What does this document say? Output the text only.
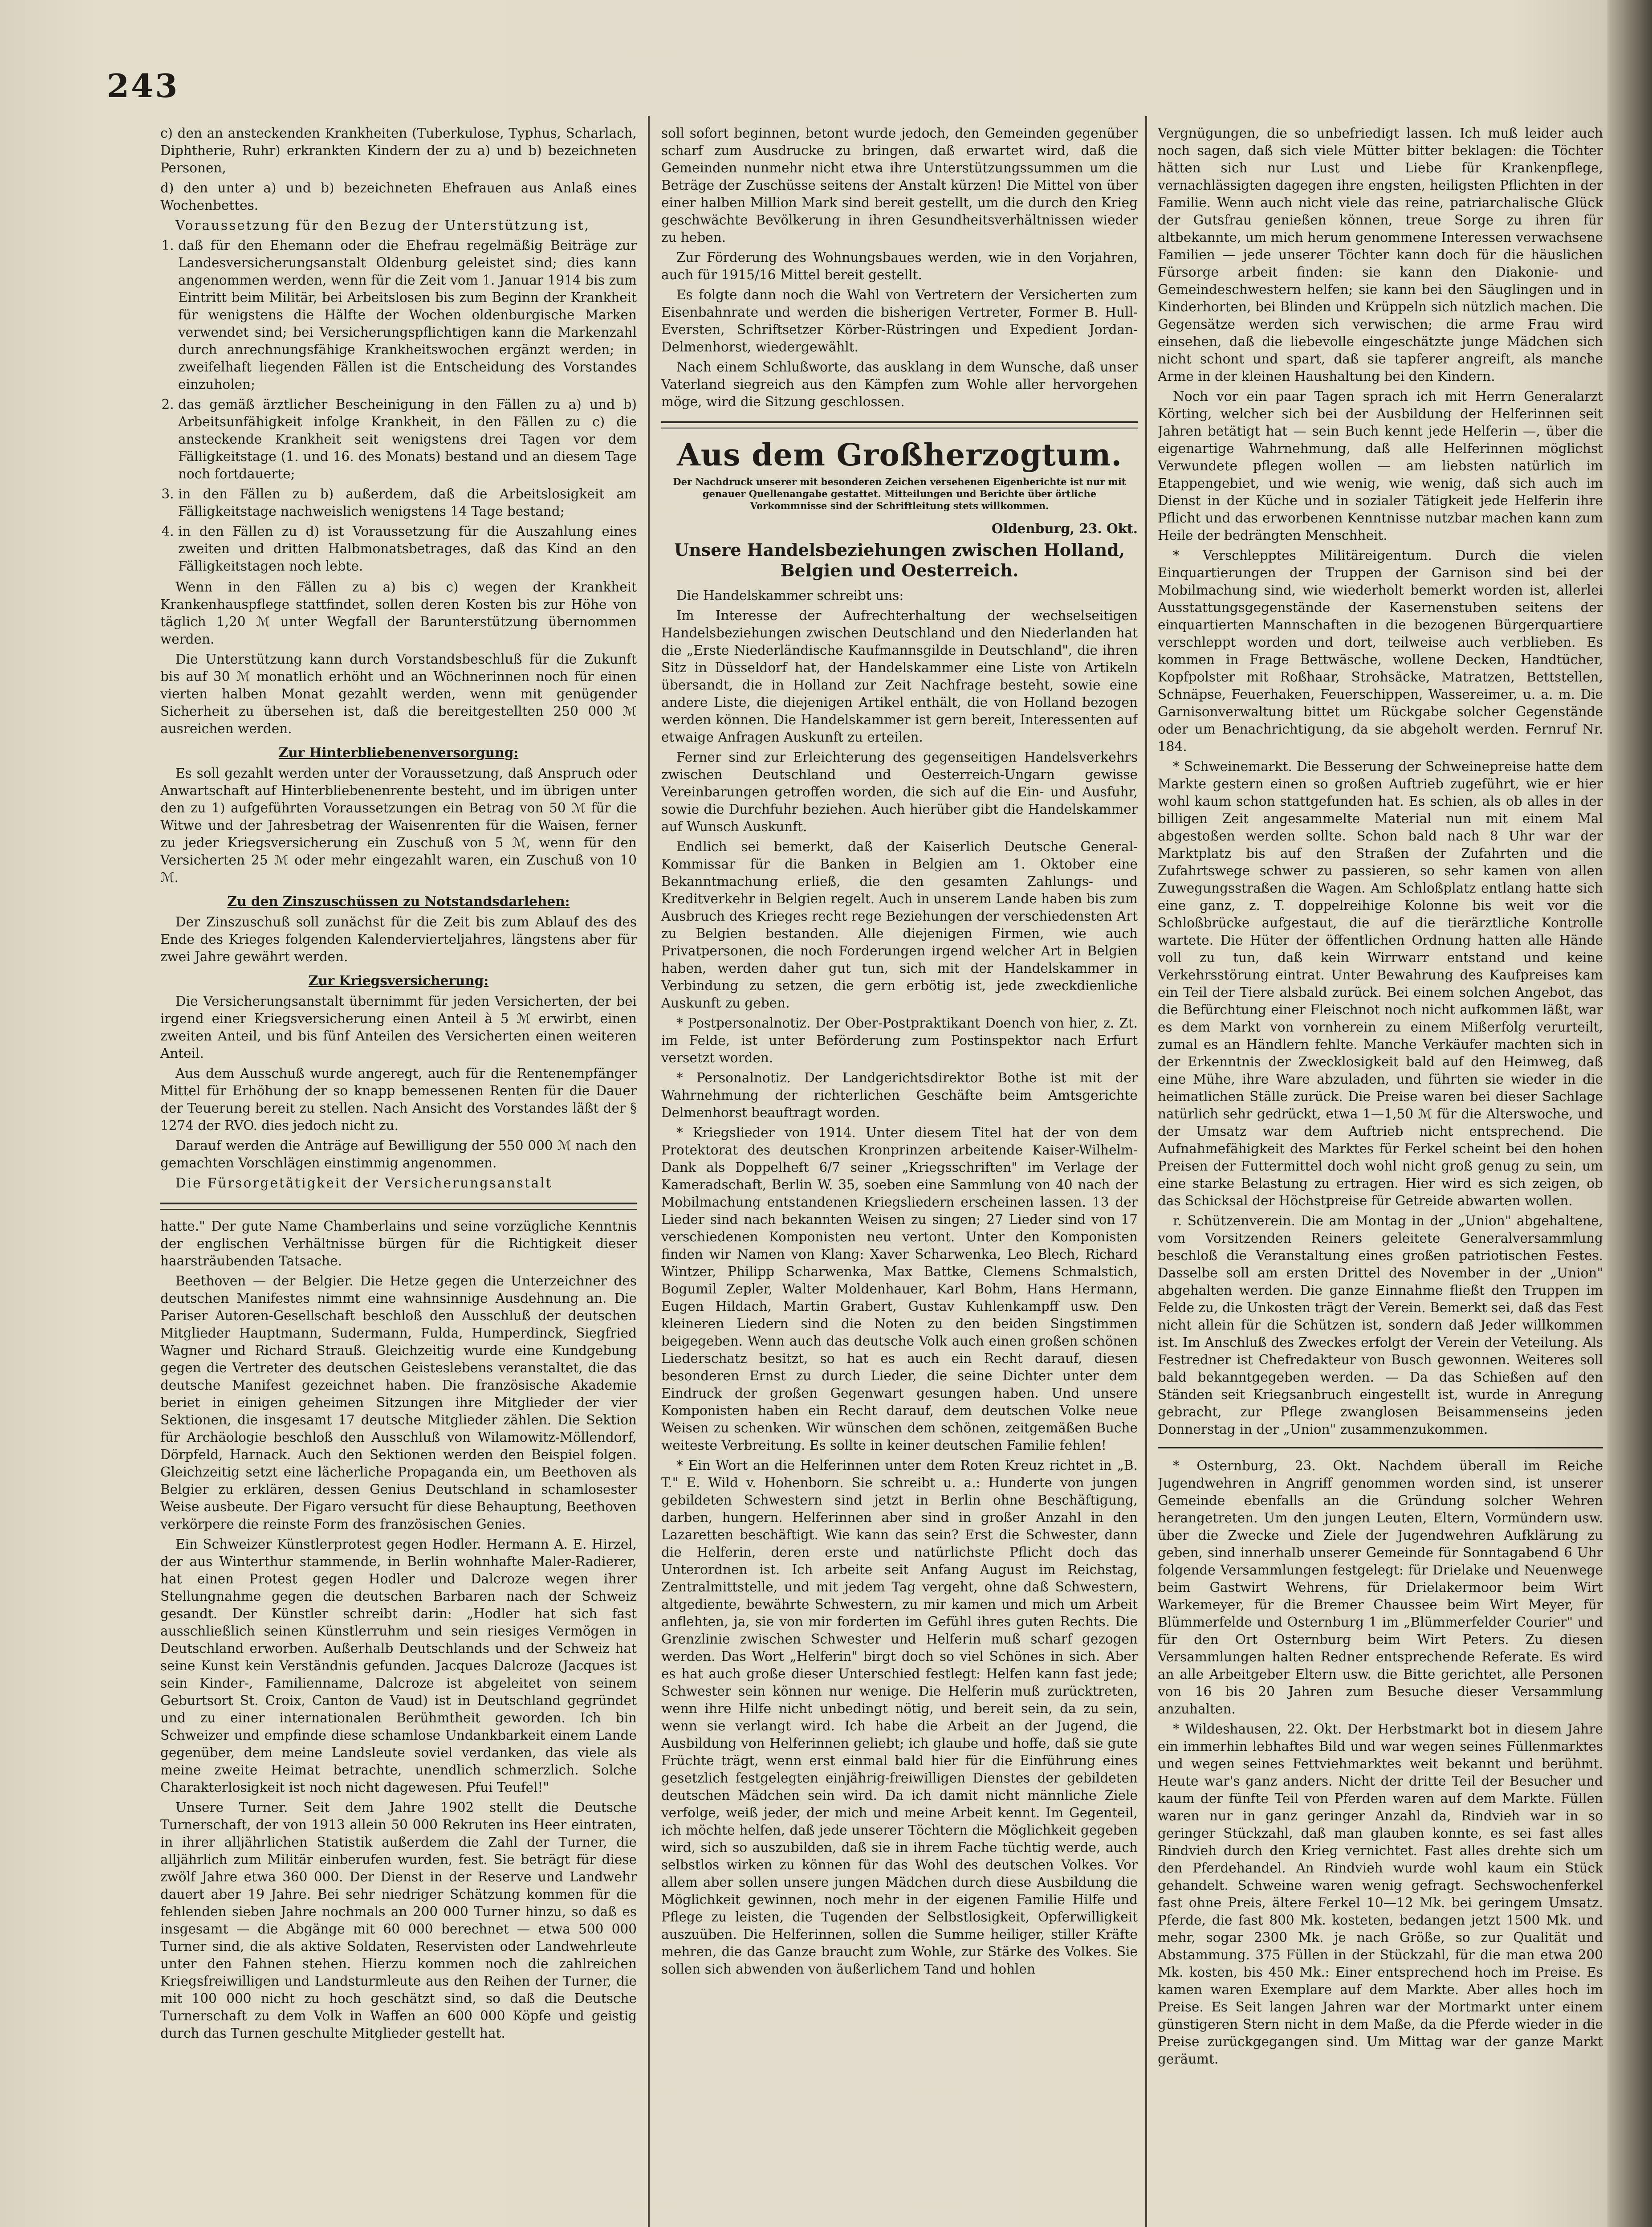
243
c) den an ansteckenden Krankheiten (Tuberkulose, Typhus, Scharlach, Diphtherie, Ruhr) erkrankten Kindern der zu a) und b) bezeichneten Personen,
d) den unter a) und b) bezeichneten Ehefrauen aus Anlaß eines Wochenbettes.

Voraussetzung für den Bezug der Unterstützung ist,

1. daß für den Ehemann oder die Ehefrau regelmäßig Beiträge zur Landesversicherungsanstalt Oldenburg geleistet sind; dies kann angenommen werden, wenn für die Zeit vom 1. Januar 1914 bis zum Eintritt beim Militär, bei Arbeitslosen bis zum Beginn der Krankheit für wenigstens die Hälfte der Wochen oldenburgische Marken verwendet sind; bei Versicherungspflichtigen kann die Markenzahl durch anrechnungsfähige Krankheitswochen ergänzt werden; in zweifelhaft liegenden Fällen ist die Entscheidung des Vorstandes einzuholen;
2. das gemäß ärztlicher Bescheinigung in den Fällen zu a) und b) Arbeitsunfähigkeit infolge Krankheit, in den Fällen zu c) die ansteckende Krankheit seit wenigstens drei Tagen vor dem Fälligkeitstage (1. und 16. des Monats) bestand und an diesem Tage noch fortdauerte;
3. in den Fällen zu b) außerdem, daß die Arbeitslosigkeit am Fälligkeitstage nachweislich wenigstens 14 Tage bestand;
4. in den Fällen zu d) ist Voraussetzung für die Auszahlung eines zweiten und dritten Halbmonatsbetrages, daß das Kind an den Fälligkeitstagen noch lebte.

Wenn in den Fällen zu a) bis c) wegen der Krankheit Krankenhauspflege stattfindet, sollen deren Kosten bis zur Höhe von täglich 1,20 ℳ unter Wegfall der Barunterstützung übernommen werden.

Die Unterstützung kann durch Vorstandsbeschluß für die Zukunft bis auf 30 ℳ monatlich erhöht und an Wöchnerinnen noch für einen vierten halben Monat gezahlt werden, wenn mit genügender Sicherheit zu übersehen ist, daß die bereitgestellten 250 000 ℳ ausreichen werden.

Zur Hinterbliebenenversorgung:

Es soll gezahlt werden unter der Voraussetzung, daß Anspruch oder Anwartschaft auf Hinterbliebenenrente besteht, und im übrigen unter den zu 1) aufgeführten Voraussetzungen ein Betrag von 50 ℳ für die Witwe und der Jahresbetrag der Waisenrenten für die Waisen, ferner zu jeder Kriegsversicherung ein Zuschuß von 5 ℳ, wenn für den Versicherten 25 ℳ oder mehr eingezahlt waren, ein Zuschuß von 10 ℳ.

Zu den Zinszuschüssen zu Notstandsdarlehen:

Der Zinszuschuß soll zunächst für die Zeit bis zum Ablauf des des Ende des Krieges folgenden Kalendervierteljahres, längstens aber für zwei Jahre gewährt werden.

Zur Kriegsversicherung:

Die Versicherungsanstalt übernimmt für jeden Versicherten, der bei irgend einer Kriegsversicherung einen Anteil à 5 ℳ erwirbt, einen zweiten Anteil, und bis fünf Anteilen des Versicherten einen weiteren Anteil.

Aus dem Ausschuß wurde angeregt, auch für die Rentenempfänger Mittel für Erhöhung der so knapp bemessenen Renten für die Dauer der Teuerung bereit zu stellen. Nach Ansicht des Vorstandes läßt der § 1274 der RVO. dies jedoch nicht zu.

Darauf werden die Anträge auf Bewilligung der 550 000 ℳ nach den gemachten Vorschlägen einstimmig angenommen.

Die Fürsorgetätigkeit der Versicherungsanstalt

hatte." Der gute Name Chamberlains und seine vorzügliche Kenntnis der englischen Verhältnisse bürgen für die Richtigkeit dieser haarsträubenden Tatsache.

Beethoven — der Belgier. Die Hetze gegen die Unterzeichner des deutschen Manifestes nimmt eine wahnsinnige Ausdehnung an. Die Pariser Autoren-Gesellschaft beschloß den Ausschluß der deutschen Mitglieder Hauptmann, Sudermann, Fulda, Humperdinck, Siegfried Wagner und Richard Strauß. Gleichzeitig wurde eine Kundgebung gegen die Vertreter des deutschen Geisteslebens veranstaltet, die das deutsche Manifest gezeichnet haben. Die französische Akademie beriet in einigen geheimen Sitzungen ihre Mitglieder der vier Sektionen, die insgesamt 17 deutsche Mitglieder zählen. Die Sektion für Archäologie beschloß den Ausschluß von Wilamowitz-Möllendorf, Dörpfeld, Harnack. Auch den Sektionen werden den Beispiel folgen. Gleichzeitig setzt eine lächerliche Propaganda ein, um Beethoven als Belgier zu erklären, dessen Genius Deutschland in schamlosester Weise ausbeute. Der Figaro versucht für diese Behauptung, Beethoven verkörpere die reinste Form des französischen Genies.

Ein Schweizer Künstlerprotest gegen Hodler. Hermann A. E. Hirzel, der aus Winterthur stammende, in Berlin wohnhafte Maler-Radierer, hat einen Protest gegen Hodler und Dalcroze wegen ihrer Stellungnahme gegen die deutschen Barbaren nach der Schweiz gesandt. Der Künstler schreibt darin: „Hodler hat sich fast ausschließlich seinen Künstlerruhm und sein riesiges Vermögen in Deutschland erworben. Außerhalb Deutschlands und der Schweiz hat seine Kunst kein Verständnis gefunden. Jacques Dalcroze (Jacques ist sein Kinder-, Familienname, Dalcroze ist abgeleitet von seinem Geburtsort St. Croix, Canton de Vaud) ist in Deutschland gegründet und zu einer internationalen Berühmtheit geworden. Ich bin Schweizer und empfinde diese schamlose Undankbarkeit einem Lande gegenüber, dem meine Landsleute soviel verdanken, das viele als meine zweite Heimat betrachte, unendlich schmerzlich. Solche Charakterlosigkeit ist noch nicht dagewesen. Pfui Teufel!"

Unsere Turner. Seit dem Jahre 1902 stellt die Deutsche Turnerschaft, der von 1913 allein 50 000 Rekruten ins Heer eintraten, in ihrer alljährlichen Statistik außerdem die Zahl der Turner, die alljährlich zum Militär einberufen wurden, fest. Sie beträgt für diese zwölf Jahre etwa 360 000. Der Dienst in der Reserve und Landwehr dauert aber 19 Jahre. Bei sehr niedriger Schätzung kommen für die fehlenden sieben Jahre nochmals an 200 000 Turner hinzu, so daß es insgesamt — die Abgänge mit 60 000 berechnet — etwa 500 000 Turner sind, die als aktive Soldaten, Reservisten oder Landwehrleute unter den Fahnen stehen. Hierzu kommen noch die zahlreichen Kriegsfreiwilligen und Landsturmleute aus den Reihen der Turner, die mit 100 000 nicht zu hoch geschätzt sind, so daß die Deutsche Turnerschaft zu dem Volk in Waffen an 600 000 Köpfe und geistig durch das Turnen geschulte Mitglieder gestellt hat.

soll sofort beginnen, betont wurde jedoch, den Gemeinden gegenüber scharf zum Ausdrucke zu bringen, daß erwartet wird, daß die Gemeinden nunmehr nicht etwa ihre Unterstützungssummen um die Beträge der Zuschüsse seitens der Anstalt kürzen! Die Mittel von über einer halben Million Mark sind bereit gestellt, um die durch den Krieg geschwächte Bevölkerung in ihren Gesundheitsverhältnissen wieder zu heben.

Zur Förderung des Wohnungsbaues werden, wie in den Vorjahren, auch für 1915/16 Mittel bereit gestellt.

Es folgte dann noch die Wahl von Vertretern der Versicherten zum Eisenbahnrate und werden die bisherigen Vertreter, Former B. Hull-Eversten, Schriftsetzer Körber-Rüstringen und Expedient Jordan-Delmenhorst, wiedergewählt.

Nach einem Schlußworte, das ausklang in dem Wunsche, daß unser Vaterland siegreich aus den Kämpfen zum Wohle aller hervorgehen möge, wird die Sitzung geschlossen.

Aus dem Großherzogtum.
Der Nachdruck unserer mit besonderen Zeichen versehenen Eigenberichte ist nur mit genauer Quellenangabe gestattet. Mitteilungen und Berichte über örtliche Vorkommnisse sind der Schriftleitung stets willkommen.
Oldenburg, 23. Okt.
Unsere Handelsbeziehungen zwischen Holland, Belgien und Oesterreich.

Die Handelskammer schreibt uns:

Im Interesse der Aufrechterhaltung der wechselseitigen Handelsbeziehungen zwischen Deutschland und den Niederlanden hat die „Erste Niederländische Kaufmannsgilde in Deutschland", die ihren Sitz in Düsseldorf hat, der Handelskammer eine Liste von Artikeln übersandt, die in Holland zur Zeit Nachfrage besteht, sowie eine andere Liste, die diejenigen Artikel enthält, die von Holland bezogen werden können. Die Handelskammer ist gern bereit, Interessenten auf etwaige Anfragen Auskunft zu erteilen.

Ferner sind zur Erleichterung des gegenseitigen Handelsverkehrs zwischen Deutschland und Oesterreich-Ungarn gewisse Vereinbarungen getroffen worden, die sich auf die Ein- und Ausfuhr, sowie die Durchfuhr beziehen. Auch hierüber gibt die Handelskammer auf Wunsch Auskunft.

Endlich sei bemerkt, daß der Kaiserlich Deutsche General-Kommissar für die Banken in Belgien am 1. Oktober eine Bekanntmachung erließ, die den gesamten Zahlungs- und Kreditverkehr in Belgien regelt. Auch in unserem Lande haben bis zum Ausbruch des Krieges recht rege Beziehungen der verschiedensten Art zu Belgien bestanden. Alle diejenigen Firmen, wie auch Privatpersonen, die noch Forderungen irgend welcher Art in Belgien haben, werden daher gut tun, sich mit der Handelskammer in Verbindung zu setzen, die gern erbötig ist, jede zweckdienliche Auskunft zu geben.

* Postpersonalnotiz. Der Ober-Postpraktikant Doench von hier, z. Zt. im Felde, ist unter Beförderung zum Postinspektor nach Erfurt versetzt worden.

* Personalnotiz. Der Landgerichtsdirektor Bothe ist mit der Wahrnehmung der richterlichen Geschäfte beim Amtsgerichte Delmenhorst beauftragt worden.

* Kriegslieder von 1914. Unter diesem Titel hat der von dem Protektorat des deutschen Kronprinzen arbeitende Kaiser-Wilhelm-Dank als Doppelheft 6/7 seiner „Kriegsschriften" im Verlage der Kameradschaft, Berlin W. 35, soeben eine Sammlung von 40 nach der Mobilmachung entstandenen Kriegsliedern erscheinen lassen. 13 der Lieder sind nach bekannten Weisen zu singen; 27 Lieder sind von 17 verschiedenen Komponisten neu vertont. Unter den Komponisten finden wir Namen von Klang: Xaver Scharwenka, Leo Blech, Richard Wintzer, Philipp Scharwenka, Max Battke, Clemens Schmalstich, Bogumil Zepler, Walter Moldenhauer, Karl Bohm, Hans Hermann, Eugen Hildach, Martin Grabert, Gustav Kuhlenkampff usw. Den kleineren Liedern sind die Noten zu den beiden Singstimmen beigegeben. Wenn auch das deutsche Volk auch einen großen schönen Liederschatz besitzt, so hat es auch ein Recht darauf, diesen besonderen Ernst zu durch Lieder, die seine Dichter unter dem Eindruck der großen Gegenwart gesungen haben. Und unsere Komponisten haben ein Recht darauf, dem deutschen Volke neue Weisen zu schenken. Wir wünschen dem schönen, zeitgemäßen Buche weiteste Verbreitung. Es sollte in keiner deutschen Familie fehlen!

* Ein Wort an die Helferinnen unter dem Roten Kreuz richtet in „B. T." E. Wild v. Hohenborn. Sie schreibt u. a.: Hunderte von jungen gebildeten Schwestern sind jetzt in Berlin ohne Beschäftigung, darben, hungern. Helferinnen aber sind in großer Anzahl in den Lazaretten beschäftigt. Wie kann das sein? Erst die Schwester, dann die Helferin, deren erste und natürlichste Pflicht doch das Unterordnen ist. Ich arbeite seit Anfang August im Reichstag, Zentralmittstelle, und mit jedem Tag vergeht, ohne daß Schwestern, altgediente, bewährte Schwestern, zu mir kamen und mich um Arbeit anflehten, ja, sie von mir forderten im Gefühl ihres guten Rechts. Die Grenzlinie zwischen Schwester und Helferin muß scharf gezogen werden. Das Wort „Helferin" birgt doch so viel Schönes in sich. Aber es hat auch große dieser Unterschied festlegt: Helfen kann fast jede; Schwester sein können nur wenige. Die Helferin muß zurücktreten, wenn ihre Hilfe nicht unbedingt nötig, und bereit sein, da zu sein, wenn sie verlangt wird. Ich habe die Arbeit an der Jugend, die Ausbildung von Helferinnen geliebt; ich glaube und hoffe, daß sie gute Früchte trägt, wenn erst einmal bald hier für die Einführung eines gesetzlich festgelegten einjährig-freiwilligen Dienstes der gebildeten deutschen Mädchen sein wird. Da ich damit nicht männliche Ziele verfolge, weiß jeder, der mich und meine Arbeit kennt. Im Gegenteil, ich möchte helfen, daß jede unserer Töchtern die Möglichkeit gegeben wird, sich so auszubilden, daß sie in ihrem Fache tüchtig werde, auch selbstlos wirken zu können für das Wohl des deutschen Volkes. Vor allem aber sollen unsere jungen Mädchen durch diese Ausbildung die Möglichkeit gewinnen, noch mehr in der eigenen Familie Hilfe und Pflege zu leisten, die Tugenden der Selbstlosigkeit, Opferwilligkeit auszuüben. Die Helferinnen, sollen die Summe heiliger, stiller Kräfte mehren, die das Ganze braucht zum Wohle, zur Stärke des Volkes. Sie sollen sich abwenden von äußerlichem Tand und hohlen

Vergnügungen, die so unbefriedigt lassen. Ich muß leider auch noch sagen, daß sich viele Mütter bitter beklagen: die Töchter hätten sich nur Lust und Liebe für Krankenpflege, vernachlässigten dagegen ihre engsten, heiligsten Pflichten in der Familie. Wenn auch nicht viele das reine, patriarchalische Glück der Gutsfrau genießen können, treue Sorge zu ihren für altbekannte, um mich herum genommene Interessen verwachsene Familien — jede unserer Töchter kann doch für die häuslichen Fürsorge arbeit finden: sie kann den Diakonie- und Gemeindeschwestern helfen; sie kann bei den Säuglingen und in Kinderhorten, bei Blinden und Krüppeln sich nützlich machen. Die Gegensätze werden sich verwischen; die arme Frau wird einsehen, daß die liebevolle eingeschätzte junge Mädchen sich nicht schont und spart, daß sie tapferer angreift, als manche Arme in der kleinen Haushaltung bei den Kindern.

Noch vor ein paar Tagen sprach ich mit Herrn Generalarzt Körting, welcher sich bei der Ausbildung der Helferinnen seit Jahren betätigt hat — sein Buch kennt jede Helferin —, über die eigenartige Wahrnehmung, daß alle Helferinnen möglichst Verwundete pflegen wollen — am liebsten natürlich im Etappengebiet, und wie wenig, wie wenig, daß sich auch im Dienst in der Küche und in sozialer Tätigkeit jede Helferin ihre Pflicht und das erworbenen Kenntnisse nutzbar machen kann zum Heile der bedrängten Menschheit.

* Verschlepptes Militäreigentum. Durch die vielen Einquartierungen der Truppen der Garnison sind bei der Mobilmachung sind, wie wiederholt bemerkt worden ist, allerlei Ausstattungsgegenstände der Kasernenstuben seitens der einquartierten Mannschaften in die bezogenen Bürgerquartiere verschleppt worden und dort, teilweise auch verblieben. Es kommen in Frage Bettwäsche, wollene Decken, Handtücher, Kopfpolster mit Roßhaar, Strohsäcke, Matratzen, Bettstellen, Schnäpse, Feuerhaken, Feuerschippen, Wassereimer, u. a. m. Die Garnisonverwaltung bittet um Rückgabe solcher Gegenstände oder um Benachrichtigung, da sie abgeholt werden. Fernruf Nr. 184.

* Schweinemarkt. Die Besserung der Schweinepreise hatte dem Markte gestern einen so großen Auftrieb zugeführt, wie er hier wohl kaum schon stattgefunden hat. Es schien, als ob alles in der billigen Zeit angesammelte Material nun mit einem Mal abgestoßen werden sollte. Schon bald nach 8 Uhr war der Marktplatz bis auf den Straßen der Zufahrten und die Zufahrtswege schwer zu passieren, so sehr kamen von allen Zuwegungsstraßen die Wagen. Am Schloßplatz entlang hatte sich eine ganz, z. T. doppelreihige Kolonne bis weit vor die Schloßbrücke aufgestaut, die auf die tierärztliche Kontrolle wartete. Die Hüter der öffentlichen Ordnung hatten alle Hände voll zu tun, daß kein Wirrwarr entstand und keine Verkehrsstörung eintrat. Unter Bewahrung des Kaufpreises kam ein Teil der Tiere alsbald zurück. Bei einem solchen Angebot, das die Befürchtung einer Fleischnot noch nicht aufkommen läßt, war es dem Markt von vornherein zu einem Mißerfolg verurteilt, zumal es an Händlern fehlte. Manche Verkäufer machten sich in der Erkenntnis der Zwecklosigkeit bald auf den Heimweg, daß eine Mühe, ihre Ware abzuladen, und führten sie wieder in die heimatlichen Ställe zurück. Die Preise waren bei dieser Sachlage natürlich sehr gedrückt, etwa 1—1,50 ℳ für die Alterswoche, und der Umsatz war dem Auftrieb nicht entsprechend. Die Aufnahmefähigkeit des Marktes für Ferkel scheint bei den hohen Preisen der Futtermittel doch wohl nicht groß genug zu sein, um eine starke Belastung zu ertragen. Hier wird es sich zeigen, ob das Schicksal der Höchstpreise für Getreide abwarten wollen.

r. Schützenverein. Die am Montag in der „Union" abgehaltene, vom Vorsitzenden Reiners geleitete Generalversammlung beschloß die Veranstaltung eines großen patriotischen Festes. Dasselbe soll am ersten Drittel des November in der „Union" abgehalten werden. Die ganze Einnahme fließt den Truppen im Felde zu, die Unkosten trägt der Verein. Bemerkt sei, daß das Fest nicht allein für die Schützen ist, sondern daß Jeder willkommen ist. Im Anschluß des Zweckes erfolgt der Verein der Veteilung. Als Festredner ist Chefredakteur von Busch gewonnen. Weiteres soll bald bekanntgegeben werden. — Da das Schießen auf den Ständen seit Kriegsanbruch eingestellt ist, wurde in Anregung gebracht, zur Pflege zwanglosen Beisammenseins jeden Donnerstag in der „Union" zusammenzukommen.

* Osternburg, 23. Okt. Nachdem überall im Reiche Jugendwehren in Angriff genommen worden sind, ist unserer Gemeinde ebenfalls an die Gründung solcher Wehren herangetreten. Um den jungen Leuten, Eltern, Vormündern usw. über die Zwecke und Ziele der Jugendwehren Aufklärung zu geben, sind innerhalb unserer Gemeinde für Sonntagabend 6 Uhr folgende Versammlungen festgelegt: für Drielake und Neuenwege beim Gastwirt Wehrens, für Drielakermoor beim Wirt Warkemeyer, für die Bremer Chaussee beim Wirt Meyer, für Blümmerfelde und Osternburg 1 im „Blümmerfelder Courier" und für den Ort Osternburg beim Wirt Peters. Zu diesen Versammlungen halten Redner entsprechende Referate. Es wird an alle Arbeitgeber Eltern usw. die Bitte gerichtet, alle Personen von 16 bis 20 Jahren zum Besuche dieser Versammlung anzuhalten.

* Wildeshausen, 22. Okt. Der Herbstmarkt bot in diesem Jahre ein immerhin lebhaftes Bild und war wegen seines Füllenmarktes und wegen seines Fettviehmarktes weit bekannt und berühmt. Heute war's ganz anders. Nicht der dritte Teil der Besucher und kaum der fünfte Teil von Pferden waren auf dem Markte. Füllen waren nur in ganz geringer Anzahl da, Rindvieh war in so geringer Stückzahl, daß man glauben konnte, es sei fast alles Rindvieh durch den Krieg vernichtet. Fast alles drehte sich um den Pferdehandel. An Rindvieh wurde wohl kaum ein Stück gehandelt. Schweine waren wenig gefragt. Sechswochenferkel fast ohne Preis, ältere Ferkel 10—12 Mk. bei geringem Umsatz. Pferde, die fast 800 Mk. kosteten, bedangen jetzt 1500 Mk. und mehr, sogar 2300 Mk. je nach Größe, so zur Qualität und Abstammung. 375 Füllen in der Stückzahl, für die man etwa 200 Mk. kosten, bis 450 Mk.: Einer entsprechend hoch im Preise. Es kamen waren Exemplare auf dem Markte. Aber alles hoch im Preise. Es Seit langen Jahren war der Mortmarkt unter einem günstigeren Stern nicht in dem Maße, da die Pferde wieder in die Preise zurückgegangen sind. Um Mittag war der ganze Markt geräumt.
